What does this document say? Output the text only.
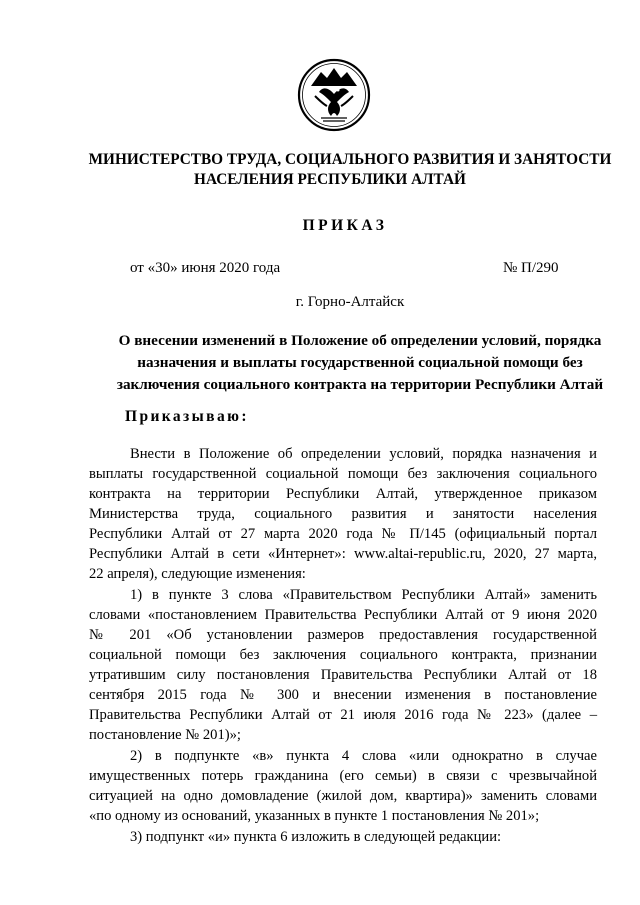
МИНИСТЕРСТВО ТРУДА, СОЦИАЛЬНОГО РАЗВИТИЯ И ЗАНЯТОСТИ
НАСЕЛЕНИЯ РЕСПУБЛИКИ АЛТАЙ
ПРИКАЗ
от «30» июня 2020 года	№ П/290
г. Горно-Алтайск
О внесении изменений в Положение об определении условий, порядка
назначения и выплаты государственной социальной помощи без
заключения социального контракта на территории Республики Алтай
Приказываю:
Внести в Положение об определении условий, порядка назначения и
выплаты государственной социальной помощи без заключения социального
контракта на территории Республики Алтай, утвержденное приказом
Министерства труда, социального развития и занятости населения
Республики Алтай от 27 марта 2020 года № П/145 (официальный портал
Республики Алтай в сети «Интернет»: www.altai-republic.ru, 2020, 27 марта,
22 апреля), следующие изменения:
1) в пункте 3 слова «Правительством Республики Алтай» заменить
словами «постановлением Правительства Республики Алтай от 9 июня 2020
№ 201 «Об установлении размеров предоставления государственной
социальной помощи без заключения социального контракта, признании
утратившим силу постановления Правительства Республики Алтай от 18
сентября 2015 года № 300 и внесении изменения в постановление
Правительства Республики Алтай от 21 июля 2016 года № 223» (далее –
постановление № 201)»;
2) в подпункте «в» пункта 4 слова «или однократно в случае
имущественных потерь гражданина (его семьи) в связи с чрезвычайной
ситуацией на одно домовладение (жилой дом, квартира)» заменить словами
«по одному из оснований, указанных в пункте 1 постановления № 201»;
3) подпункт «и» пункта 6 изложить в следующей редакции:
